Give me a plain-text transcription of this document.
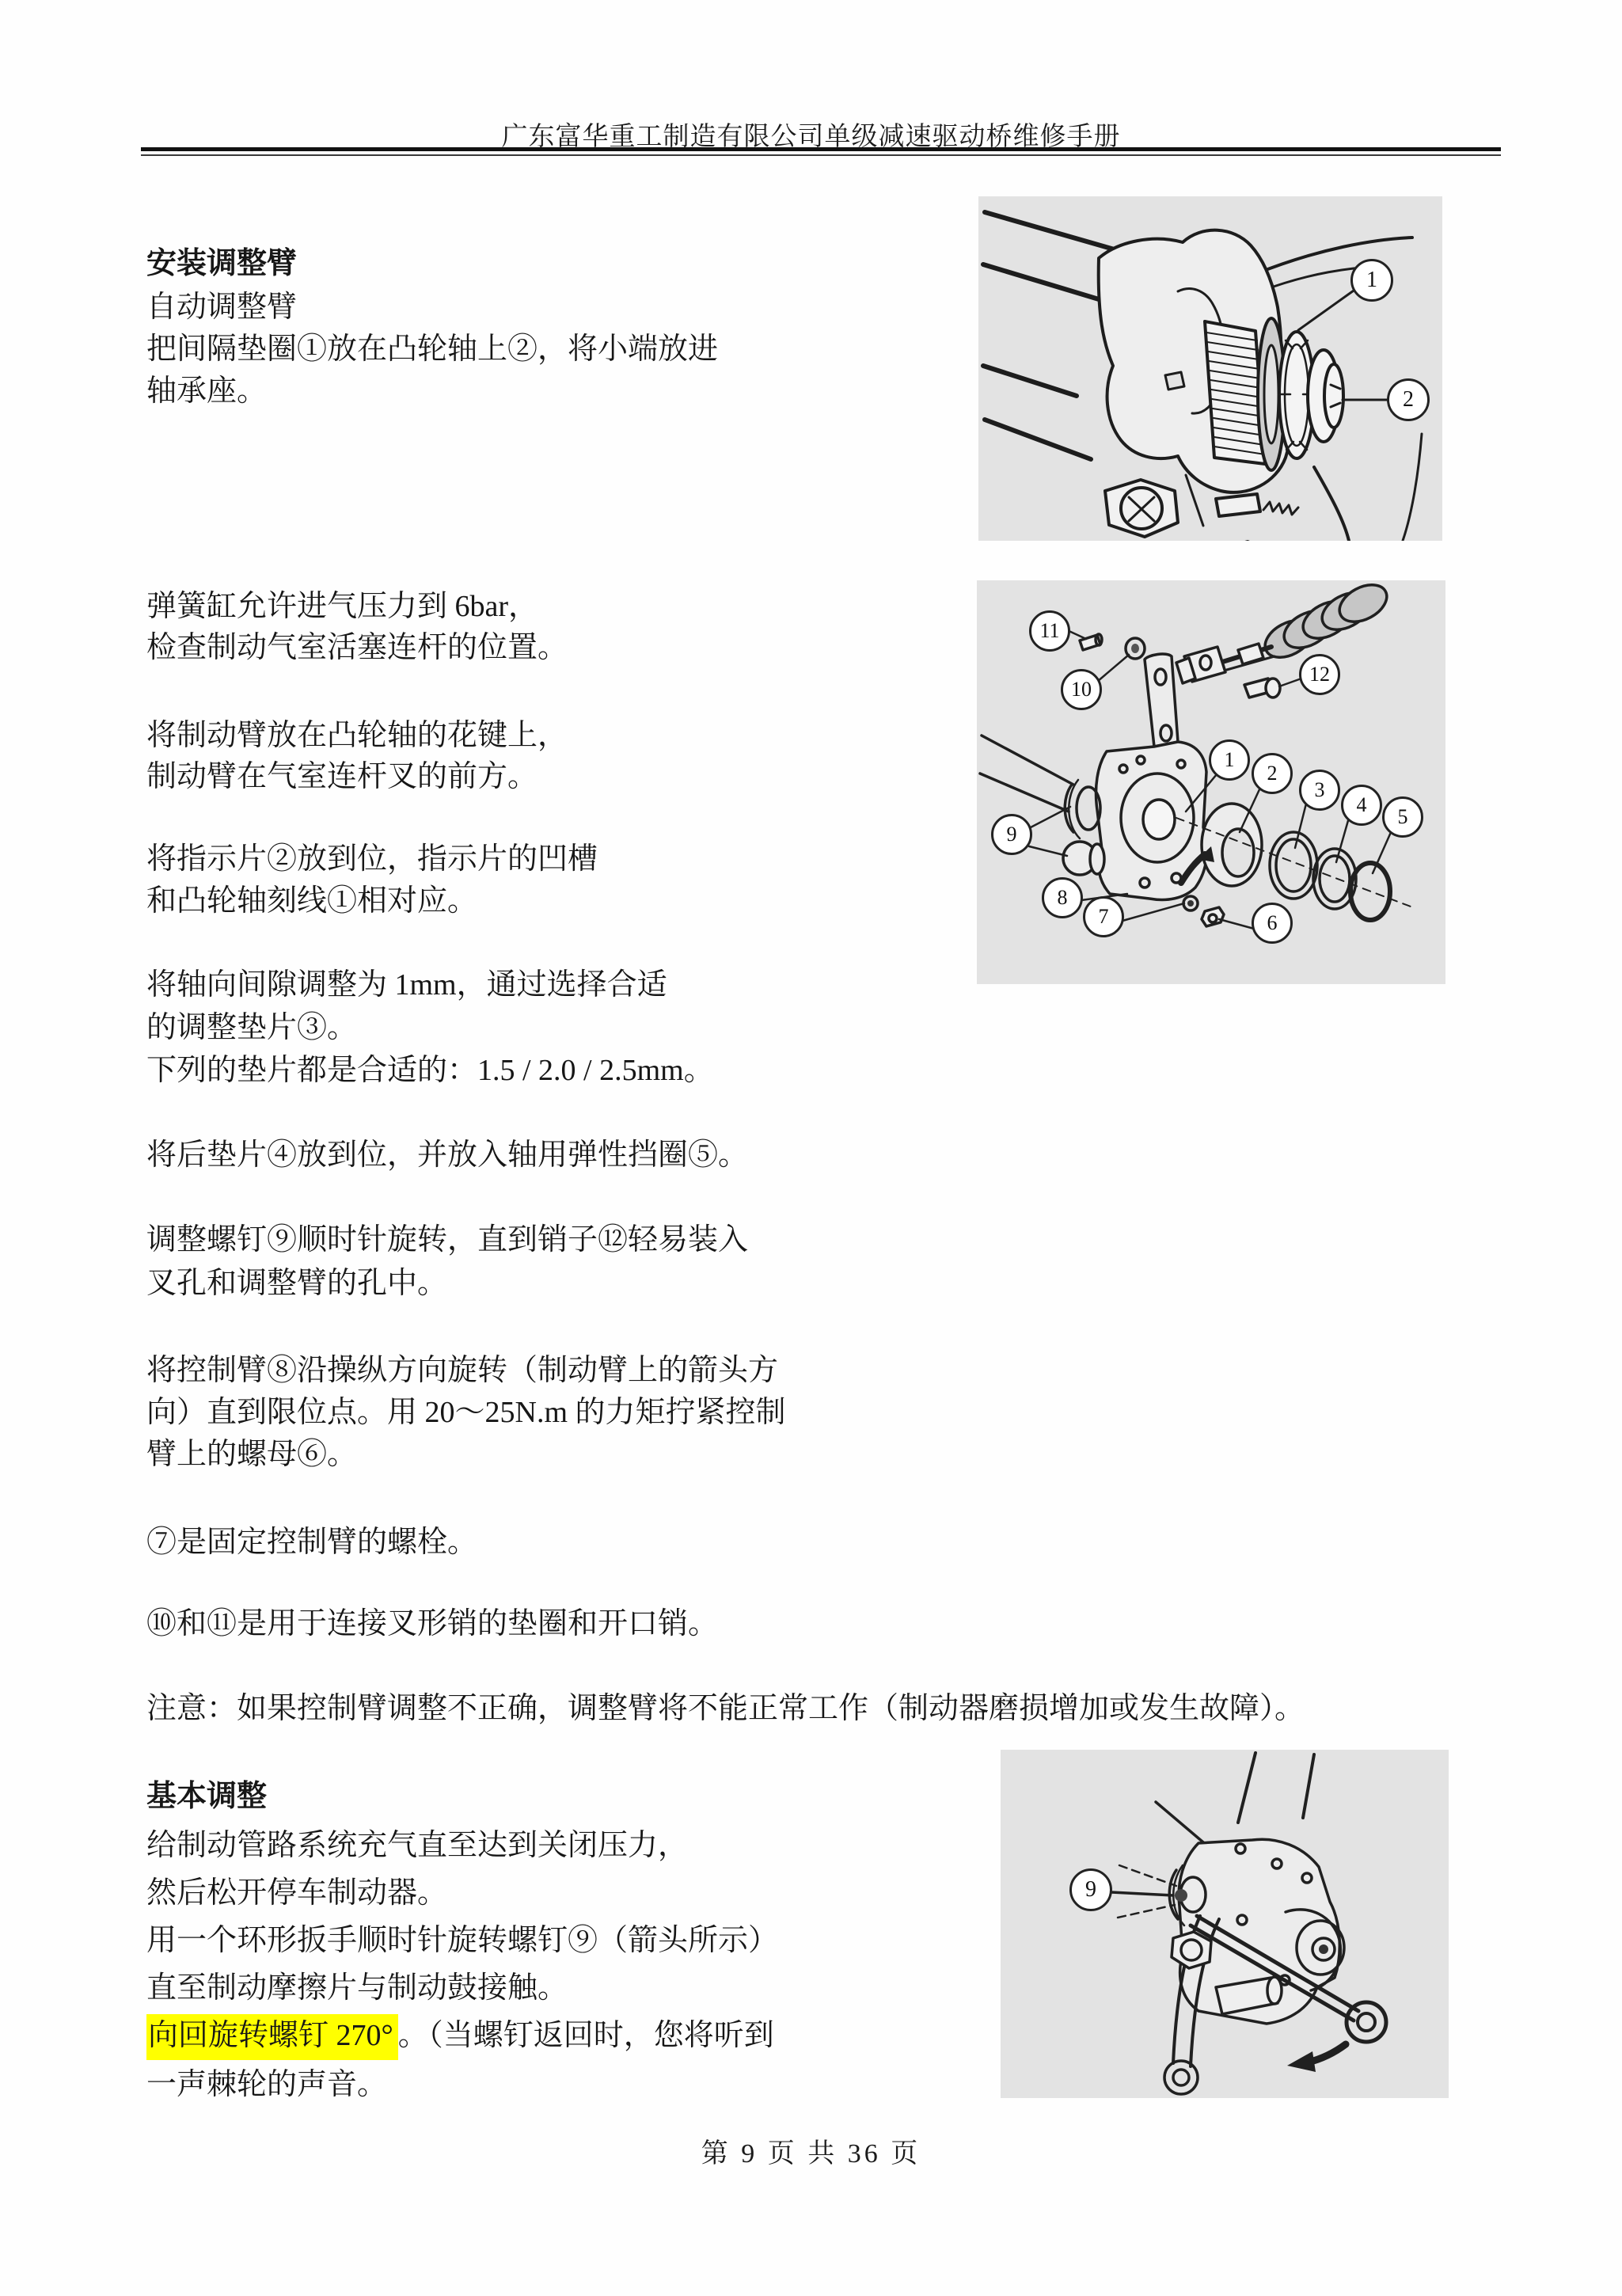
广东富华重工制造有限公司单级减速驱动桥维修手册
安装调整臂
自动调整臂
把间隔垫圈①放在凸轮轴上②，将小端放进
轴承座。
弹簧缸允许进气压力到 6bar，
检查制动气室活塞连杆的位置。
将制动臂放在凸轮轴的花键上，
制动臂在气室连杆叉的前方。
将指示片②放到位，指示片的凹槽
和凸轮轴刻线①相对应。
将轴向间隙调整为 1mm，通过选择合适
的调整垫片③。
下列的垫片都是合适的：1.5 / 2.0 / 2.5mm。
将后垫片④放到位，并放入轴用弹性挡圈⑤。
调整螺钉⑨顺时针旋转，直到销子⑫轻易装入
叉孔和调整臂的孔中。
将控制臂⑧沿操纵方向旋转（制动臂上的箭头方
向）直到限位点。用 20～25N.m 的力矩拧紧控制
臂上的螺母⑥。
⑦是固定控制臂的螺栓。
⑩和⑪是用于连接叉形销的垫圈和开口销。
注意：如果控制臂调整不正确，调整臂将不能正常工作（制动器磨损增加或发生故障）。
基本调整
给制动管路系统充气直至达到关闭压力，
然后松开停车制动器。
用一个环形扳手顺时针旋转螺钉⑨（箭头所示）
直至制动摩擦片与制动鼓接触。
向回旋转螺钉 270° 。（当螺钉返回时，您将听到
一声棘轮的声音。
第 9 页 共 36 页
1
2
11
10
12
1
2
3
4
5
9
8
7	6
9
